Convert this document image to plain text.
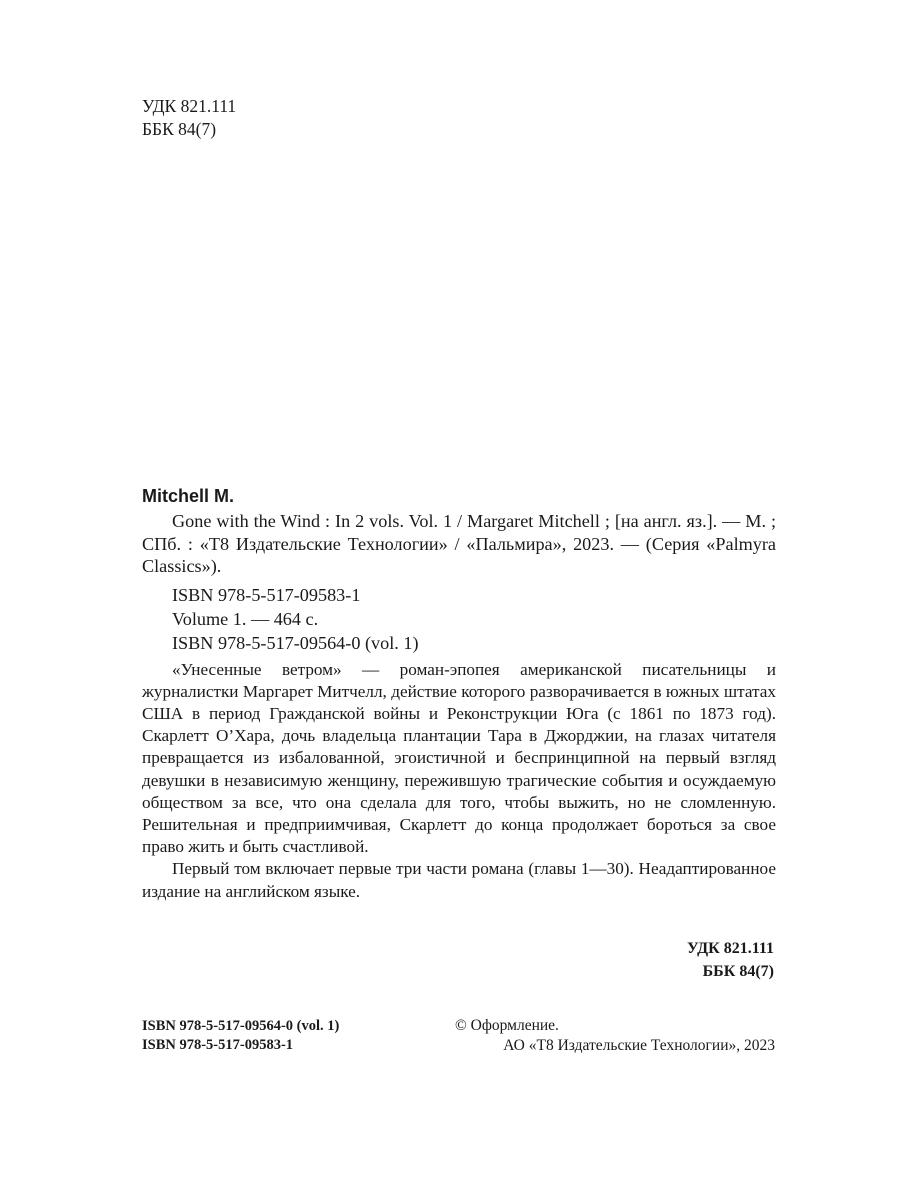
УДК 821.111
ББК 84(7)
Mitchell M.

Gone with the Wind : In 2 vols. Vol. 1 / Margaret Mitchell ; [на англ. яз.]. — М. ; СПб. : «Т8 Издательские Технологии» / «Пальмира», 2023. — (Серия «Palmyra Classics»).

ISBN 978-5-517-09583-1
Volume 1. — 464 с.
ISBN 978-5-517-09564-0 (vol. 1)

«Унесенные ветром» — роман-эпопея американской писательницы и журналистки Маргарет Митчелл, действие которого разворачивается в южных штатах США в период Гражданской войны и Реконструкции Юга (с 1861 по 1873 год). Скарлетт О’Хара, дочь владельца плантации Тара в Джорджии, на глазах читателя превращается из избалованной, эгоистичной и беспринципной на первый взгляд девушки в независимую женщину, пережившую трагические события и осуждаемую обществом за все, что она сделала для того, чтобы выжить, но не сломленную. Решительная и предприимчивая, Скарлетт до конца продолжает бороться за свое право жить и быть счастливой.

Первый том включает первые три части романа (главы 1—30). Неадаптированное издание на английском языке.

УДК 821.111
ББК 84(7)
ISBN 978-5-517-09564-0 (vol. 1)
ISBN 978-5-517-09583-1
© Оформление.
АО «Т8 Издательские Технологии», 2023
